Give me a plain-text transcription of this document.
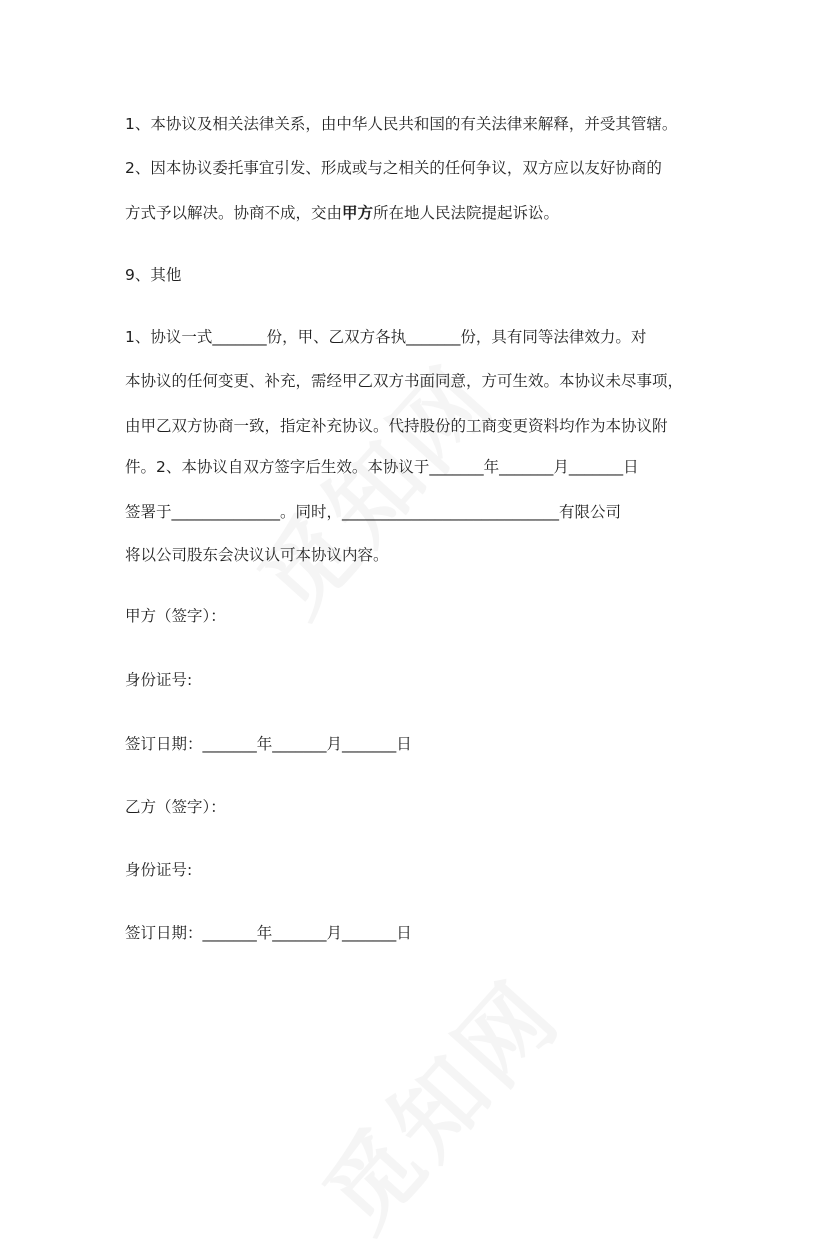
1、本协议及相关法律关系，由中华人民共和国的有关法律来解释，并受其管辖。
2、因本协议委托事宜引发、形成或与之相关的任何争议，双方应以友好协商的
方式予以解决。协商不成，交由甲方所在地人民法院提起诉讼。
9、其他
1、协议一式_______份，甲、乙双方各执_______份，具有同等法律效力。对
本协议的任何变更、补充，需经甲乙双方书面同意，方可生效。本协议未尽事项，
由甲乙双方协商一致，指定补充协议。代持股份的工商变更资料均作为本协议附
件。2、本协议自双方签字后生效。本协议于_______年_______月_______日
签署于______________。同时，____________________________有限公司
将以公司股东会决议认可本协议内容。
甲方（签字）：
身份证号:
签订日期：_______年_______月_______日
乙方（签字）：
身份证号:
签订日期：_______年_______月_______日
